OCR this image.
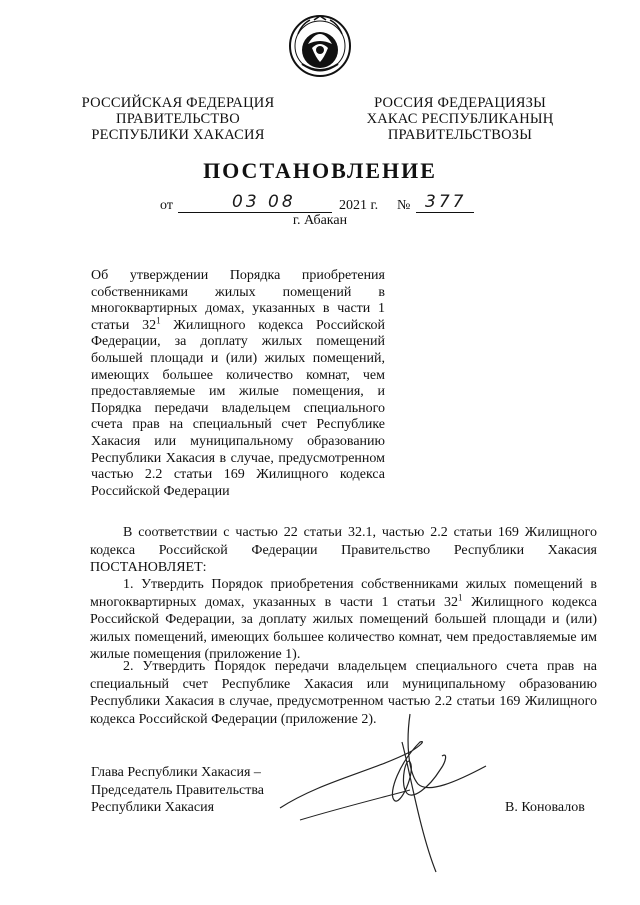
РОССИЙСКАЯ ФЕДЕРАЦИЯ
ПРАВИТЕЛЬСТВО
РЕСПУБЛИКИ ХАКАСИЯ
РОССИЯ ФЕДЕРАЦИЯЗЫ
ХАКАС РЕСПУБЛИКАНЫҢ
ПРАВИТЕЛЬСТВОЗЫ
ПОСТАНОВЛЕНИЕ
от	03 08	2021 г. № 377
г. Абакан
Об утверждении Порядка приобретения собственниками жилых помещений в многоквартирных домах, указанных в части 1 статьи $32^1$ Жилищного кодекса Российской Федерации, за доплату жилых помещений большей площади и (или) жилых помещений, имеющих большее количество комнат, чем предоставляемые им жилые помещения, и Порядка передачи владельцем специального счета прав на специальный счет Республике Хакасия или муниципальному образованию Республики Хакасия в случае, предусмотренном частью 2.2 статьи 169 Жилищного кодекса Российской Федерации
В соответствии с частью 22 статьи 32.1, частью 2.2 статьи 169 Жилищного кодекса Российской Федерации Правительство Республики Хакасия ПОСТАНОВЛЯЕТ:
1. Утвердить Порядок приобретения собственниками жилых помещений в многоквартирных домах, указанных в части 1 статьи $32^1$ Жилищного кодекса Российской Федерации, за доплату жилых помещений большей площади и (или) жилых помещений, имеющих большее количество комнат, чем предоставляемые им жилые помещения (приложение 1).
2. Утвердить Порядок передачи владельцем специального счета прав на специальный счет Республике Хакасия или муниципальному образованию Республики Хакасия в случае, предусмотренном частью 2.2 статьи 169 Жилищного кодекса Российской Федерации (приложение 2).
Глава Республики Хакасия –
Председатель Правительства
Республики Хакасия	В. Коновалов
